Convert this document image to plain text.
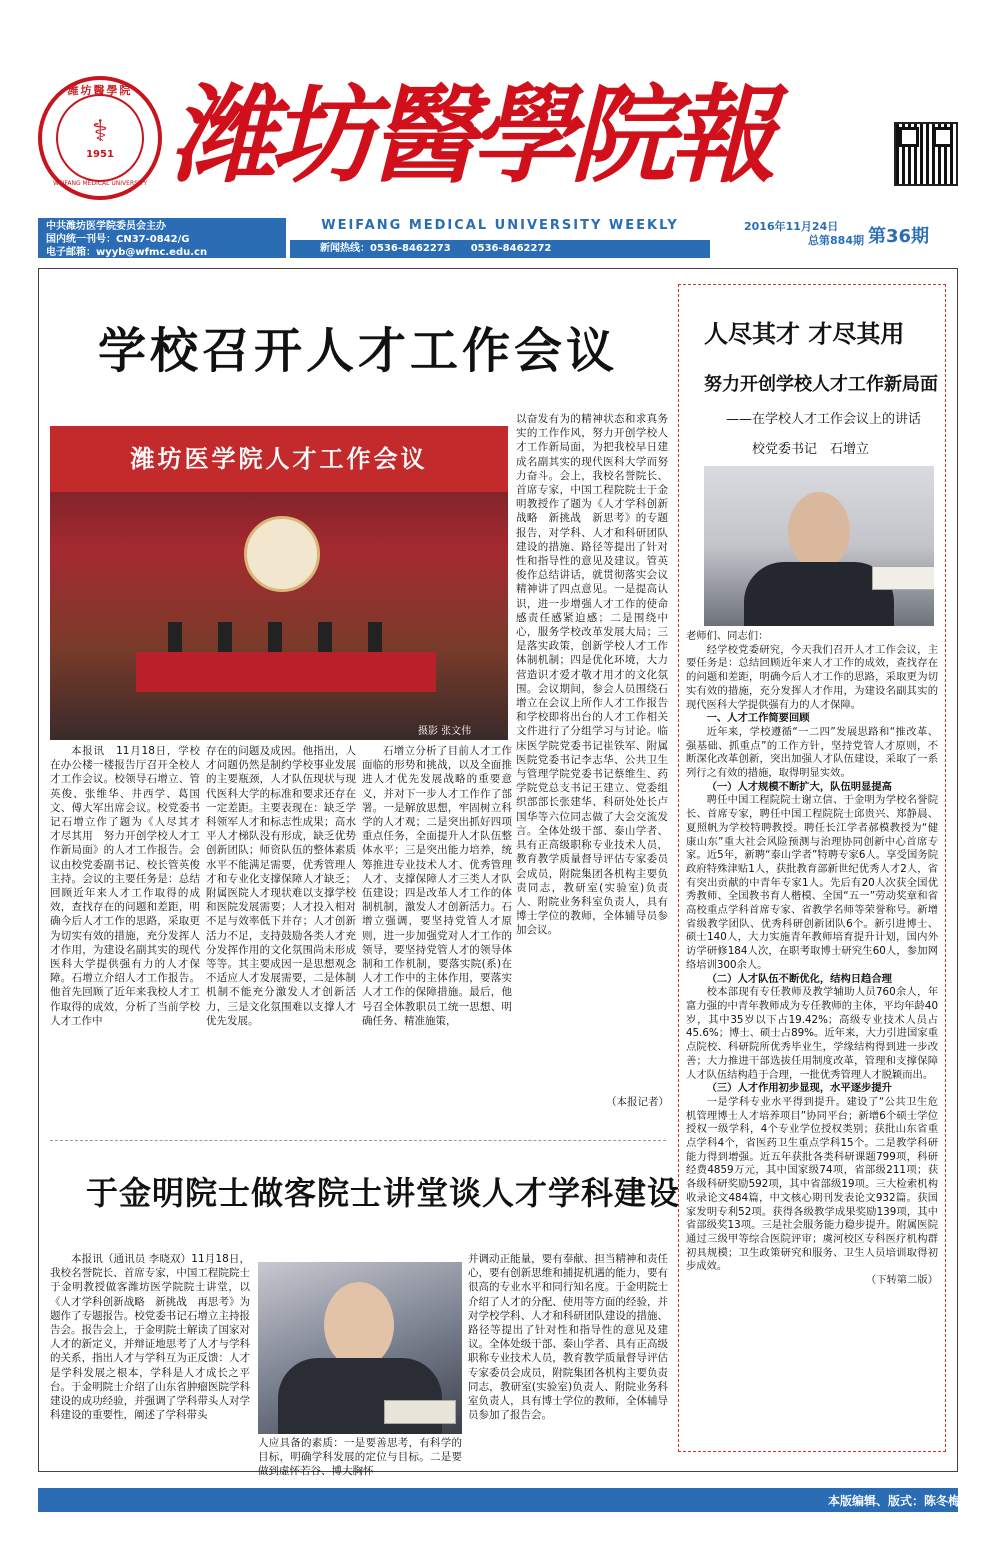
潍坊醫學院
⚕
1951
WEIFANG MEDICAL UNIVERSITY 潍坊醫學院報
中共潍坊医学院委员会主办
国内统一刊号：CN37-0842/G
电子邮箱：wyyb@wfmc.edu.cn
WEIFANG MEDICAL UNIVERSITY WEEKLY
新闻热线：0536-8462273　　0536-8462272
2016年11月24日
总第884期 第36期
学校召开人才工作会议
潍坊医学院人才工作会议
摄影 张文伟

本报讯　11月18日，学校在办公楼一楼报告厅召开全校人才工作会议。校领导石增立、管英俊、张维华、井西学、葛国文、傅大军出席会议。校党委书记石增立作了题为《人尽其才 才尽其用　努力开创学校人才工作新局面》的人才工作报告。会议由校党委副书记、校长管英俊主持。会议的主要任务是：总结回顾近年来人才工作取得的成效，查找存在的问题和差距，明确今后人才工作的思路，采取更为切实有效的措施，充分发挥人才作用，为建设名副其实的现代医科大学提供强有力的人才保障。石增立介绍人才工作报告。他首先回顾了近年来我校人才工作取得的成效，分析了当前学校人才工作中

存在的问题及成因。他指出，人才问题仍然是制约学校事业发展的主要瓶颈，人才队伍现状与现代医科大学的标准和要求还存在一定差距。主要表现在：缺乏学科领军人才和标志性成果；高水平人才梯队没有形成，缺乏优势创新团队；师资队伍的整体素质水平不能满足需要，优秀管理人才和专业化支撑保障人才缺乏；附属医院人才现状难以支撑学校和医院发展需要；人才投入相对不足与效率低下并存；人才创新活力不足，支持鼓励各类人才充分发挥作用的文化氛围尚未形成等等。其主要成因一是思想观念不适应人才发展需要，二是体制机制不能充分激发人才创新活力，三是文化氛围难以支撑人才优先发展。

石增立分析了目前人才工作面临的形势和挑战，以及全面推进人才优先发展战略的重要意义，并对下一步人才工作作了部署。一是解放思想，牢固树立科学的人才观；二是突出抓好四项重点任务，全面提升人才队伍整体水平；三是突出能力培养，统筹推进专业技术人才、优秀管理人才、支撑保障人才三类人才队伍建设；四是改革人才工作的体制机制，激发人才创新活力。石增立强调，要坚持党管人才原则，进一步加强党对人才工作的领导，要坚持党管人才的领导体制和工作机制，要落实院(系)在人才工作中的主体作用，要落实人才工作的保障措施。最后，他号召全体教职员工统一思想、明确任务、精准施策，

以奋发有为的精神状态和求真务实的工作作风，努力开创学校人才工作新局面，为把我校早日建成名副其实的现代医科大学而努力奋斗。会上，我校名誉院长、首席专家，中国工程院院士于金明教授作了题为《人才学科创新战略　新挑战　新思考》的专题报告，对学科、人才和科研团队建设的措施、路径等提出了针对性和指导性的意见及建议。管英俊作总结讲话，就贯彻落实会议精神讲了四点意见。一是提高认识，进一步增强人才工作的使命感责任感紧迫感；二是围绕中心，服务学校改革发展大局；三是落实政策，创新学校人才工作体制机制；四是优化环境，大力营造识才爱才敬才用才的文化氛围。会议期间，参会人员围绕石增立在会议上所作人才工作报告和学校即将出台的人才工作相关文件进行了分组学习与讨论。临床医学院党委书记崔铁军、附属医院党委书记李志华、公共卫生与管理学院党委书记蔡维生、药学院党总支书记王建立、党委组织部部长张建华、科研处处长卢国华等六位同志做了大会交流发言。全体处级干部、泰山学者、具有正高级职称专业技术人员，教育教学质量督导评估专家委员会成员，附院集团各机构主要负责同志，教研室(实验室)负责人、附院业务科室负责人，具有博士学位的教师，全体辅导员参加会议。

（本报记者）
于金明院士做客院士讲堂谈人才学科建设

本报讯（通讯员 李晓双）11月18日，我校名誉院长、首席专家，中国工程院院士于金明教授做客潍坊医学院院士讲堂，以《人才学科创新战略　新挑战　再思考》为题作了专题报告。校党委书记石增立主持报告会。报告会上，于金明院士解读了国家对人才的新定义，并辩证地思考了人才与学科的关系，指出人才与学科互为正反馈：人才是学科发展之根本，学科是人才成长之平台。于金明院士介绍了山东省肿瘤医院学科建设的成功经验，并强调了学科带头人对学科建设的重要性，阐述了学科带头

人应具备的素质：一是要善思考，有科学的目标，明确学科发展的定位与目标。二是要做到虚怀若谷、博大胸怀

并调动正能量，要有奉献、担当精神和责任心，要有创新思维和捕捉机遇的能力，要有很高的专业水平和同行知名度。于金明院士介绍了人才的分配、使用等方面的经验，并对学校学科、人才和科研团队建设的措施、路径等提出了针对性和指导性的意见及建议。全体处级干部、泰山学者、具有正高级职称专业技术人员，教育教学质量督导评估专家委员会成员，附院集团各机构主要负责同志，教研室(实验室)负责人、附院业务科室负责人，具有博士学位的教师，全体辅导员参加了报告会。

人尽其才 才尽其用
努力开创学校人才工作新局面
——在学校人才工作会议上的讲话
校党委书记　石增立

老师们、同志们：

经学校党委研究，今天我们召开人才工作会议，主要任务是：总结回顾近年来人才工作的成效，查找存在的问题和差距，明确今后人才工作的思路，采取更为切实有效的措施，充分发挥人才作用，为建设名副其实的现代医科大学提供强有力的人才保障。

一、人才工作简要回顾

近年来，学校遵循“一二四”发展思路和“推改革、强基础、抓重点”的工作方针，坚持党管人才原则，不断深化改革创新，突出加强人才队伍建设，采取了一系列行之有效的措施，取得明显实效。

（一）人才规模不断扩大，队伍明显提高

聘任中国工程院院士谢立信、于金明为学校名誉院长、首席专家，聘任中国工程院院士邱贵兴、郑静晨、夏照帆为学校特聘教授。聘任长江学者郝模教授为“健康山东”重大社会风险预测与治理协同创新中心首席专家。近5年，新聘“泰山学者”特聘专家6人。享受国务院政府特殊津贴1人，获批教育部新世纪优秀人才2人，省有突出贡献的中青年专家1人。先后有20人次获全国优秀教师、全国教书育人楷模、全国“五一”劳动奖章和省高校重点学科首席专家、省教学名师等荣誉称号。新增省级教学团队、优秀科研创新团队6个。新引进博士、硕士140人，大力实施青年教师培育提升计划，国内外访学研修184人次，在职考取博士研究生60人，参加网络培训300余人。

（二）人才队伍不断优化，结构日趋合理

校本部现有专任教师及教学辅助人员760余人，年富力强的中青年教师成为专任教师的主体，平均年龄40岁，其中35岁以下占19.42%；高级专业技术人员占45.6%；博士、硕士占89%。近年来，大力引进国家重点院校、科研院所优秀毕业生，学缘结构得到进一步改善；大力推进干部选拔任用制度改革，管理和支撑保障人才队伍结构趋于合理，一批优秀管理人才脱颖而出。

（三）人才作用初步显现，水平逐步提升

一是学科专业水平得到提升。建设了“公共卫生危机管理博士人才培养项目”协同平台；新增6个硕士学位授权一级学科，4个专业学位授权类别；获批山东省重点学科4个，省医药卫生重点学科15个。二是教学科研能力得到增强。近五年获批各类科研课题799项，科研经费4859万元，其中国家级74项，省部级211项；获各级科研奖励592项，其中省部级19项。三大检索机构收录论文484篇，中文核心期刊发表论文932篇。获国家发明专利52项。获得各级教学成果奖励139项，其中省部级奖13项。三是社会服务能力稳步提升。附属医院通过三级甲等综合医院评审；虞河校区专科医疗机构群初具规模；卫生政策研究和服务、卫生人员培训取得初步成效。

（下转第二版）

本版编辑、版式：陈冬梅
